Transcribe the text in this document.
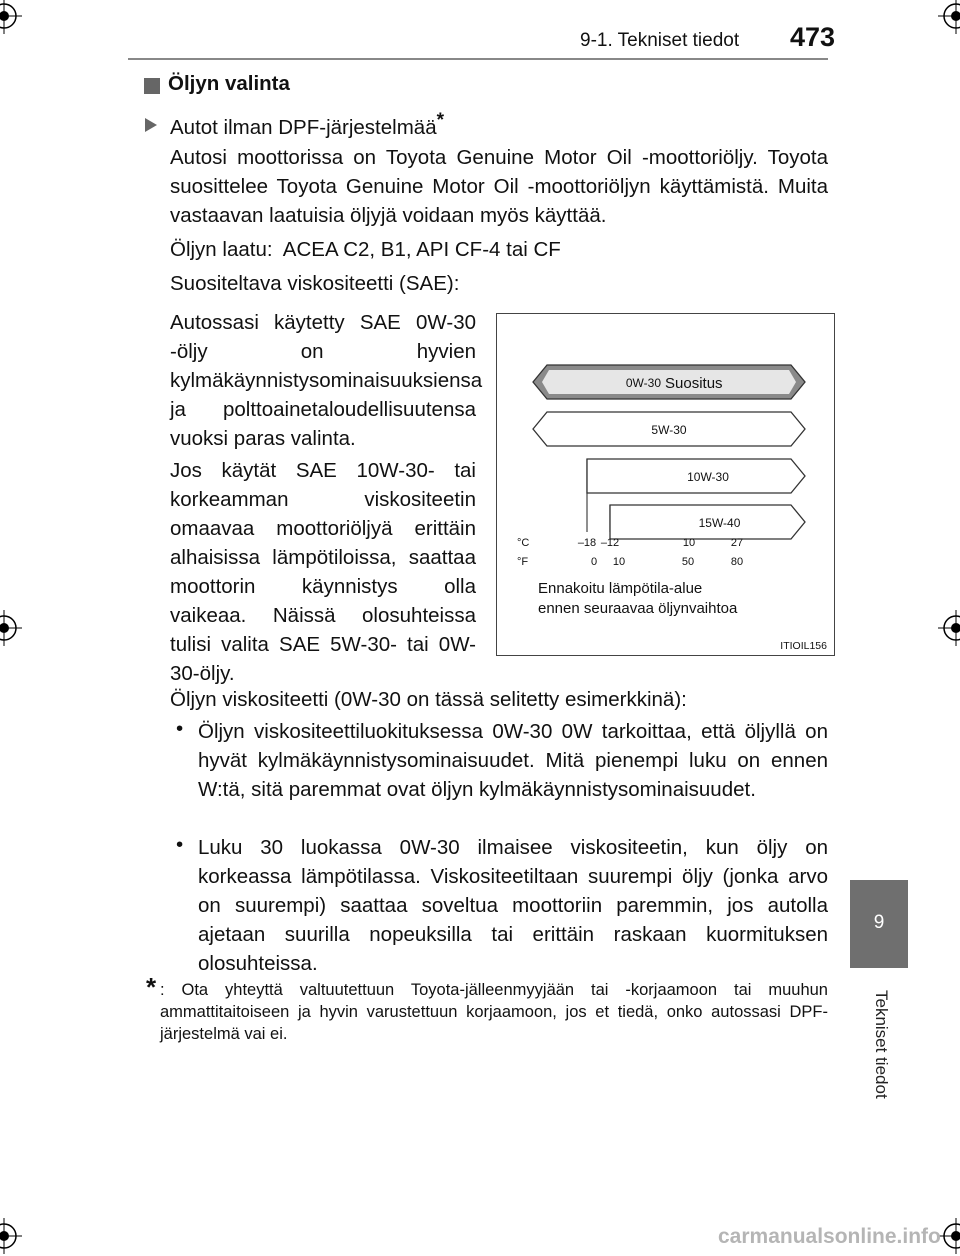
9-1. Tekniset tiedot 473
9
Tekniset tiedot
Öljyn valinta
Autot ilman DPF-järjestelmää*
Autosi moottorissa on Toyota Genuine Motor Oil -moottoriöljy. Toyota suosittelee Toyota Genuine Motor Oil -moottoriöljyn käyttämistä. Muita vastaavan laatuisia öljyjä voidaan myös käyttää.
Öljyn laatu:  ACEA C2, B1, API CF-4 tai CF
Suositeltava viskositeetti (SAE):
Autossasi käytetty SAE 0W-30 -öljy on hyvien kylmäkäynnistysominaisuuksiensa ja polttoainetaloudellisuutensa vuoksi paras valinta.
Jos käytät SAE 10W-30- tai korkeamman viskositeetin omaavaa moottoriöljyä erittäin alhaisissa lämpötiloissa, saattaa moottorin käynnistys olla vaikeaa. Näissä olosuhteissa tulisi valita SAE 5W-30- tai 0W-30-öljy.
0W-30 Suositus
5W-30
10W-30
15W-40
°C
°F
–18 –12	10	27
0 10	50	80
Ennakoitu lämpötila-alue
ennen seuraavaa öljynvaihtoa
ITIOIL156
Öljyn viskositeetti (0W-30 on tässä selitetty esimerkkinä):
• Öljyn viskositeettiluokituksessa 0W-30 0W tarkoittaa, että öljyllä on hyvät kylmäkäynnistysominaisuudet. Mitä pienempi luku on ennen W:tä, sitä paremmat ovat öljyn kylmäkäynnistysominaisuudet.
• Luku 30 luokassa 0W-30 ilmaisee viskositeetin, kun öljy on korkeassa lämpötilassa. Viskositeetiltaan suurempi öljy (jonka arvo on suurempi) saattaa soveltua moottoriin paremmin, jos autolla ajetaan suurilla nopeuksilla tai erittäin raskaan kuormituksen olosuhteissa.
* : Ota yhteyttä valtuutettuun Toyota-jälleenmyyjään tai -korjaamoon tai muuhun ammattitaitoiseen ja hyvin varustettuun korjaamoon, jos et tiedä, onko autossasi DPF-järjestelmä vai ei.
carmanualsonline.info
